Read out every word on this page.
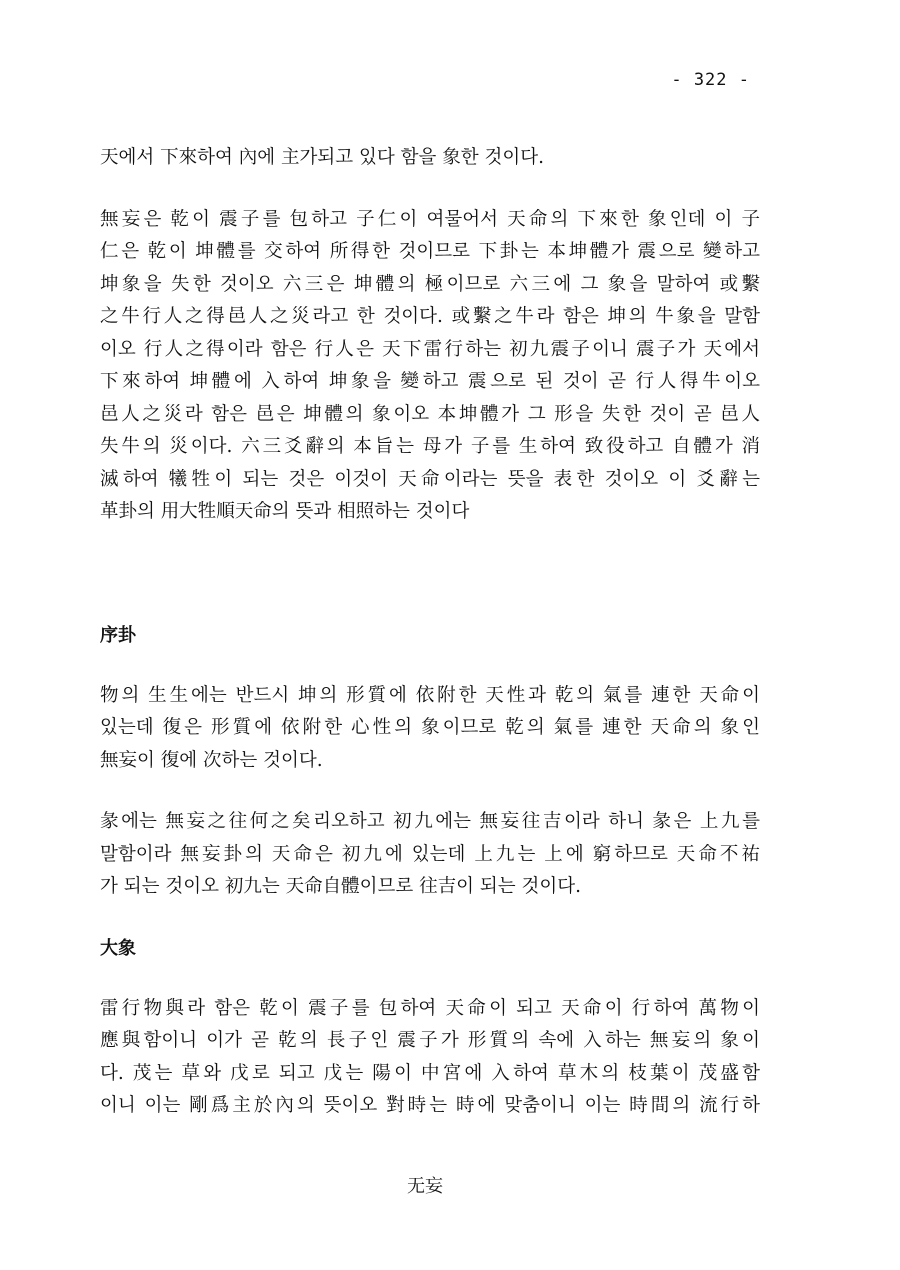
- 322 -
天에서 下來하여 內에 主가되고 있다 함을 象한 것이다.
無妄은 乾이 震子를 包하고 子仁이 여물어서 天命의 下來한 象인데 이 子
仁은 乾이 坤體를 交하여 所得한 것이므로 下卦는 本坤體가 震으로 變하고
坤象을 失한 것이오 六三은 坤體의 極이므로 六三에 그 象을 말하여 或繫
之牛行人之得邑人之災라고 한 것이다. 或繫之牛라 함은 坤의 牛象을 말함
이오 行人之得이라 함은 行人은 天下雷行하는 初九震子이니 震子가 天에서
下來하여 坤體에 入하여 坤象을 變하고 震으로 된 것이 곧 行人得牛이오
邑人之災라 함은 邑은 坤體의 象이오 本坤體가 그 形을 失한 것이 곧 邑人
失牛의 災이다. 六三爻辭의 本旨는 母가 子를 生하여 致役하고 自體가 消
滅하여 犧牲이 되는 것은 이것이 天命이라는 뜻을 表한 것이오 이 爻辭는
革卦의 用大牲順天命의 뜻과 相照하는 것이다
序卦
物의 生生에는 반드시 坤의 形質에 依附한 天性과 乾의 氣를 連한 天命이
있는데 復은 形質에 依附한 心性의 象이므로 乾의 氣를 連한 天命의 象인
無妄이 復에 次하는 것이다.
彖에는 無妄之往何之矣리오하고 初九에는 無妄往吉이라 하니 彖은 上九를
말함이라 無妄卦의 天命은 初九에 있는데 上九는 上에 窮하므로 天命不祐
가 되는 것이오 初九는 天命自體이므로 往吉이 되는 것이다.
大象
雷行物與라 함은 乾이 震子를 包하여 天命이 되고 天命이 行하여 萬物이
應與함이니 이가 곧 乾의 長子인 震子가 形質의 속에 入하는 無妄의 象이
다. 茂는 草와 戊로 되고 戊는 陽이 中宮에 入하여 草木의 枝葉이 茂盛함
이니 이는 剛爲主於內의 뜻이오 對時는 時에 맞춤이니 이는 時間의 流行하
无妄
